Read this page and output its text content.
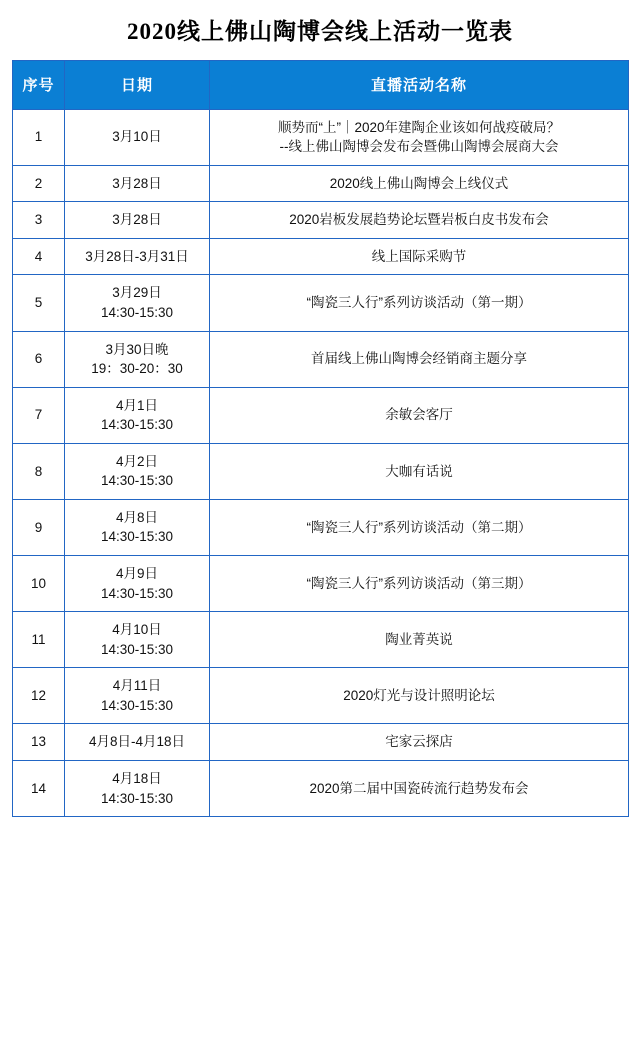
2020线上佛山陶博会线上活动一览表
序号	日期	直播活动名称
1	3月10日	顺势而“上”｜2020年建陶企业该如何战疫破局？
--线上佛山陶博会发布会暨佛山陶博会展商大会

2	3月28日	2020线上佛山陶博会上线仪式

3	3月28日	2020岩板发展趋势论坛暨岩板白皮书发布会

4	3月28日-3月31日	线上国际采购节

5	3月29日
14:30-15:30	“陶瓷三人行”系列访谈活动（第一期）

6	3月30日晚
19：30-20：30	首届线上佛山陶博会经销商主题分享

7	4月1日
14:30-15:30	余敏会客厅

8	4月2日
14:30-15:30	大咖有话说

9	4月8日
14:30-15:30	“陶瓷三人行”系列访谈活动（第二期）

10	4月9日
14:30-15:30	“陶瓷三人行”系列访谈活动（第三期）

11	4月10日
14:30-15:30	陶业菁英说

12	4月11日
14:30-15:30	2020灯光与设计照明论坛

13	4月8日-4月18日	宅家云探店

14	4月18日
14:30-15:30	2020第二届中国瓷砖流行趋势发布会
